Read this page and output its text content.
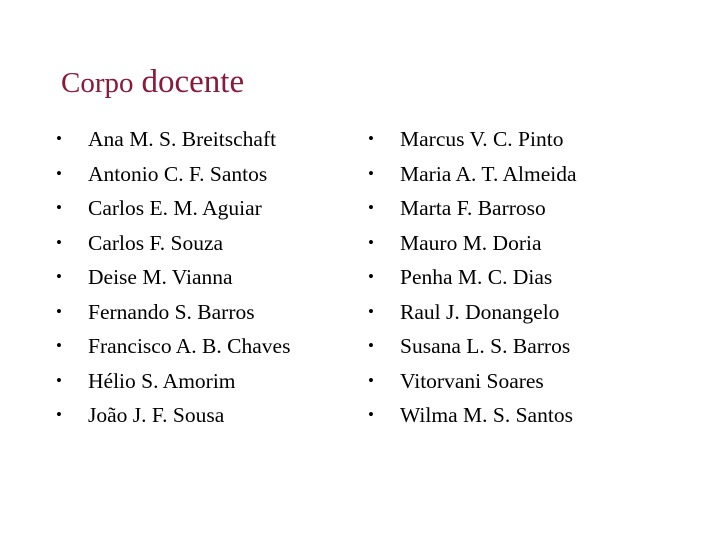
Corpo docente
• Ana M. S. Breitschaft
• Antonio C. F. Santos
• Carlos E. M. Aguiar
• Carlos F. Souza
• Deise M. Vianna
• Fernando S. Barros
• Francisco A. B. Chaves
• Hélio S. Amorim
• João J. F. Sousa
• Marcus V. C. Pinto
• Maria A. T. Almeida
• Marta F. Barroso
• Mauro M. Doria
• Penha M. C. Dias
• Raul J. Donangelo
• Susana L. S. Barros
• Vitorvani Soares
• Wilma M. S. Santos
